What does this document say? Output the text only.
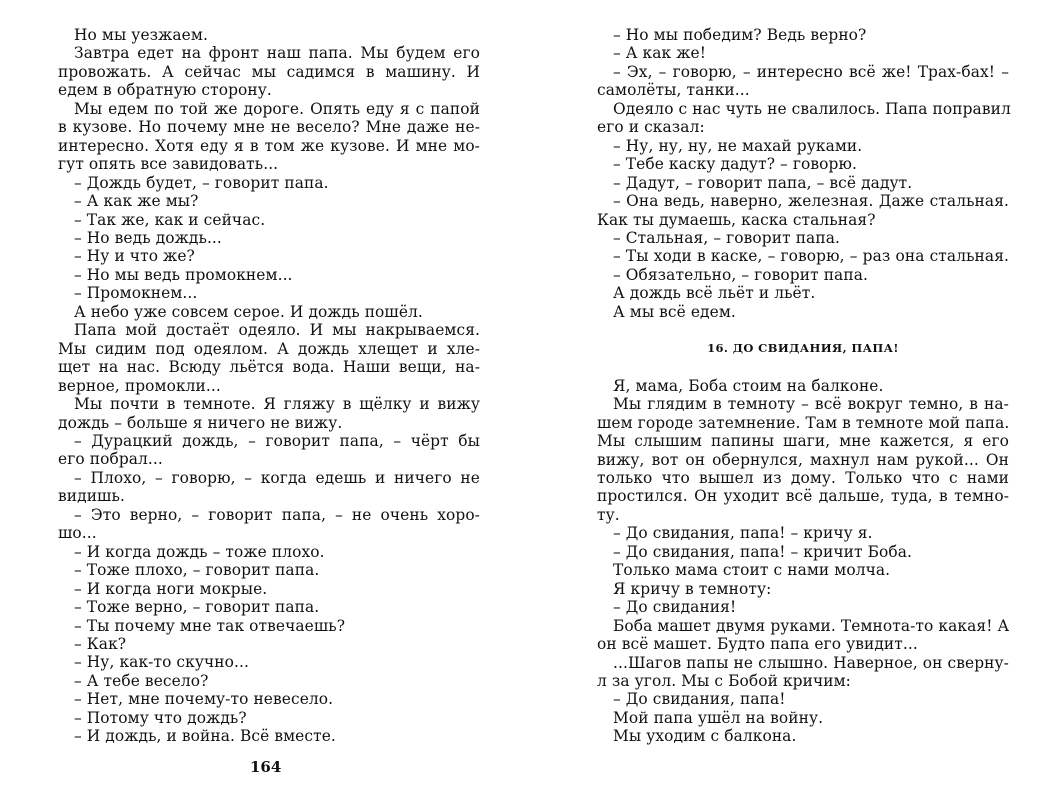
Но мы уезжаем.
Завтра едет на фронт наш папа. Мы будем его
провожать. А сейчас мы садимся в машину. И
едем в обратную сторону.
Мы едем по той же дороге. Опять еду я с папой
в кузове. Но почему мне не весело? Мне даже не-
интересно. Хотя еду я в том же кузове. И мне мо-
гут опять все завидовать...
– Дождь будет, – говорит папа.
– А как же мы?
– Так же, как и сейчас.
– Но ведь дождь...
– Ну и что же?
– Но мы ведь промокнем...
– Промокнем...
А небо уже совсем серое. И дождь пошёл.
Папа мой достаёт одеяло. И мы накрываемся.
Мы сидим под одеялом. А дождь хлещет и хле-
щет на нас. Всюду льётся вода. Наши вещи, на-
верное, промокли...
Мы почти в темноте. Я гляжу в щёлку и вижу
дождь – больше я ничего не вижу.
– Дурацкий дождь, – говорит папа, – чёрт бы
его побрал...
– Плохо, – говорю, – когда едешь и ничего не
видишь.
– Это верно, – говорит папа, – не очень хоро-
шо...
– И когда дождь – тоже плохо.
– Тоже плохо, – говорит папа.
– И когда ноги мокрые.
– Тоже верно, – говорит папа.
– Ты почему мне так отвечаешь?
– Как?
– Ну, как-то скучно...
– А тебе весело?
– Нет, мне почему-то невесело.
– Потому что дождь?
– И дождь, и война. Всё вместе.
164
– Но мы победим? Ведь верно?
– А как же!
– Эх, – говорю, – интересно всё же! Трах-бах! –
самолёты, танки...
Одеяло с нас чуть не свалилось. Папа поправил
его и сказал:
– Ну, ну, ну, не махай руками.
– Тебе каску дадут? – говорю.
– Дадут, – говорит папа, – всё дадут.
– Она ведь, наверно, железная. Даже стальная.
Как ты думаешь, каска стальная?
– Стальная, – говорит папа.
– Ты ходи в каске, – говорю, – раз она стальная.
– Обязательно, – говорит папа.
А дождь всё льёт и льёт.
А мы всё едем.
16. ДО СВИДАНИЯ, ПАПА!
Я, мама, Боба стоим на балконе.
Мы глядим в темноту – всё вокруг темно, в на-
шем городе затемнение. Там в темноте мой папа.
Мы слышим папины шаги, мне кажется, я его
вижу, вот он обернулся, махнул нам рукой... Он
только что вышел из дому. Только что с нами
простился. Он уходит всё дальше, туда, в темно-
ту.
– До свидания, папа! – кричу я.
– До свидания, папа! – кричит Боба.
Только мама стоит с нами молча.
Я кричу в темноту:
– До свидания!
Боба машет двумя руками. Темнота-то какая! А
он всё машет. Будто папа его увидит...
...Шагов папы не слышно. Наверное, он сверну-
л за угол. Мы с Бобой кричим:
– До свидания, папа!
Мой папа ушёл на войну.
Мы уходим с балкона.
